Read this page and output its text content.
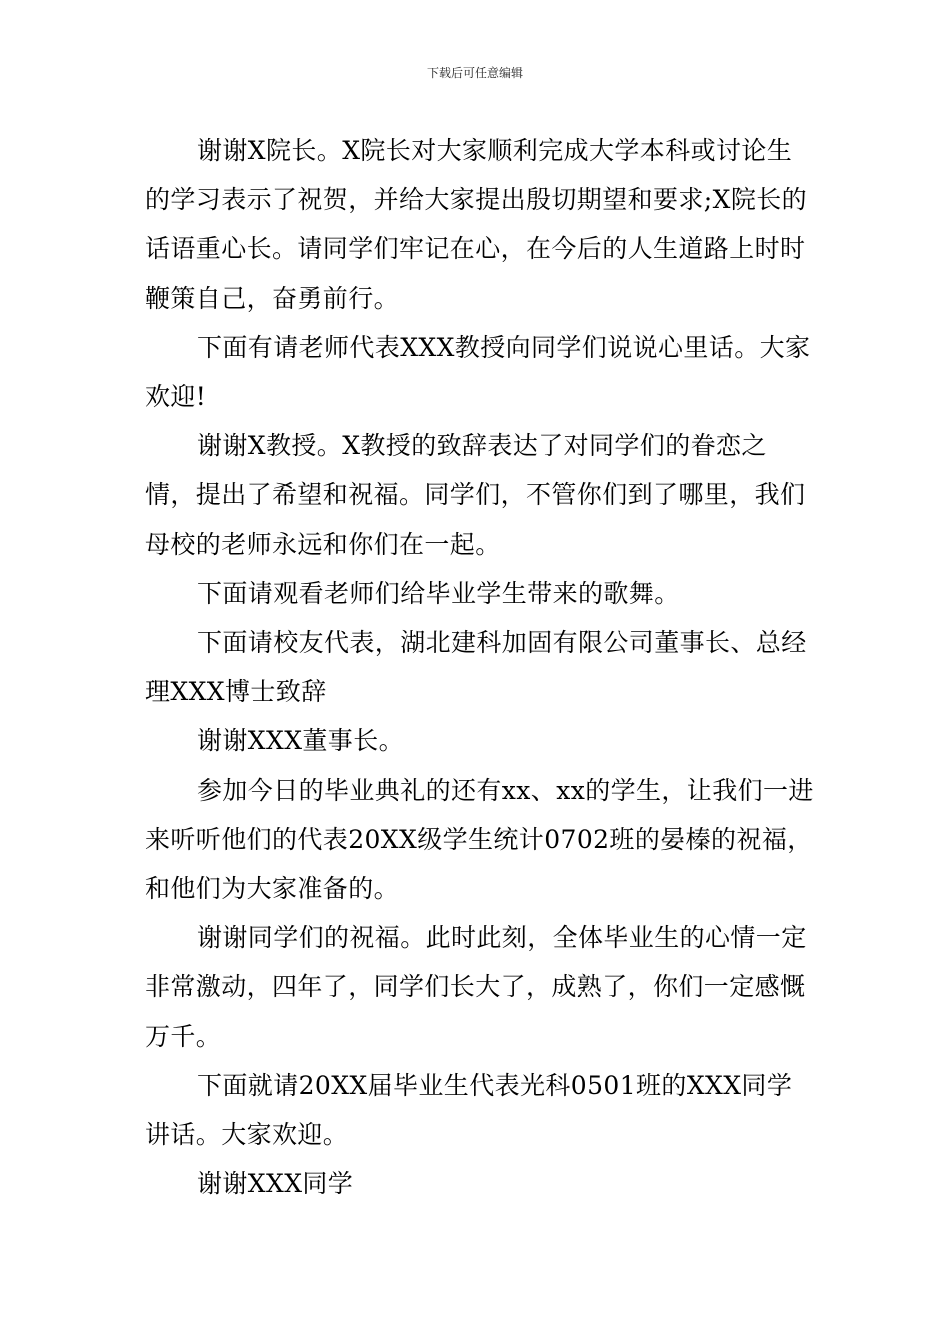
下载后可任意编辑

谢谢X院长。X院长对大家顺利完成大学本科或讨论生的学习表示了祝贺，并给大家提出殷切期望和要求;X院长的话语重心长。请同学们牢记在心，在今后的人生道路上时时鞭策自己，奋勇前行。

下面有请老师代表XXX教授向同学们说说心里话。大家欢迎!

谢谢X教授。X教授的致辞表达了对同学们的眷恋之情，提出了希望和祝福。同学们，不管你们到了哪里，我们母校的老师永远和你们在一起。

下面请观看老师们给毕业学生带来的歌舞。

下面请校友代表，湖北建科加固有限公司董事长、总经理XXX博士致辞

谢谢XXX董事长。

参加今日的毕业典礼的还有xx、xx的学生，让我们一进来听听他们的代表20XX级学生统计0702班的晏榛的祝福，和他们为大家准备的。

谢谢同学们的祝福。此时此刻，全体毕业生的心情一定非常激动，四年了，同学们长大了，成熟了，你们一定感慨万千。

下面就请20XX届毕业生代表光科0501班的XXX同学讲话。大家欢迎。

谢谢XXX同学
